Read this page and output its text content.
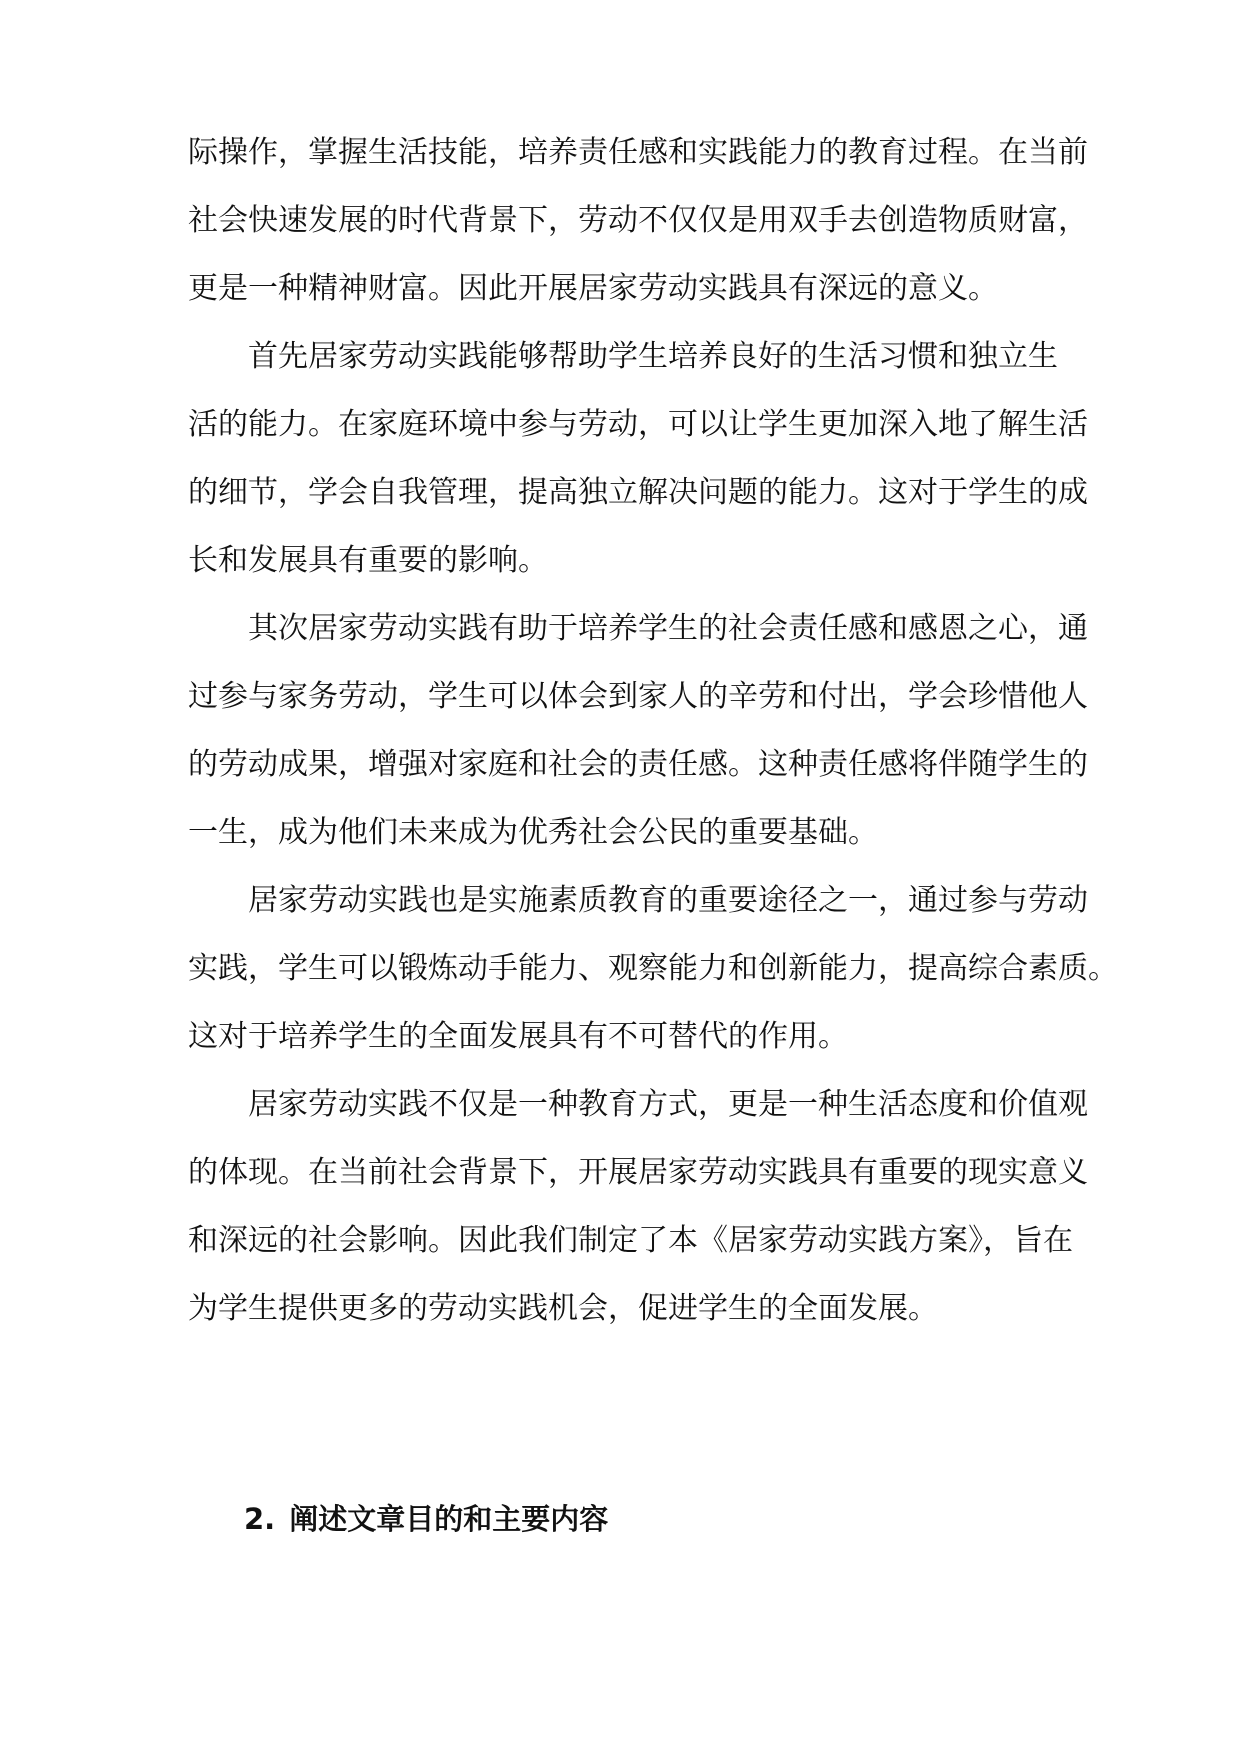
际操作，掌握生活技能，培养责任感和实践能力的教育过程。在当前
社会快速发展的时代背景下，劳动不仅仅是用双手去创造物质财富，
更是一种精神财富。因此开展居家劳动实践具有深远的意义。
首先居家劳动实践能够帮助学生培养良好的生活习惯和独立生
活的能力。在家庭环境中参与劳动，可以让学生更加深入地了解生活
的细节，学会自我管理，提高独立解决问题的能力。这对于学生的成
长和发展具有重要的影响。
其次居家劳动实践有助于培养学生的社会责任感和感恩之心，通
过参与家务劳动，学生可以体会到家人的辛劳和付出，学会珍惜他人
的劳动成果，增强对家庭和社会的责任感。这种责任感将伴随学生的
一生，成为他们未来成为优秀社会公民的重要基础。
居家劳动实践也是实施素质教育的重要途径之一，通过参与劳动
实践，学生可以锻炼动手能力、观察能力和创新能力，提高综合素质。
这对于培养学生的全面发展具有不可替代的作用。
居家劳动实践不仅是一种教育方式，更是一种生活态度和价值观
的体现。在当前社会背景下，开展居家劳动实践具有重要的现实意义
和深远的社会影响。因此我们制定了本《居家劳动实践方案》，旨在
为学生提供更多的劳动实践机会，促进学生的全面发展。
2. 阐述文章目的和主要内容
